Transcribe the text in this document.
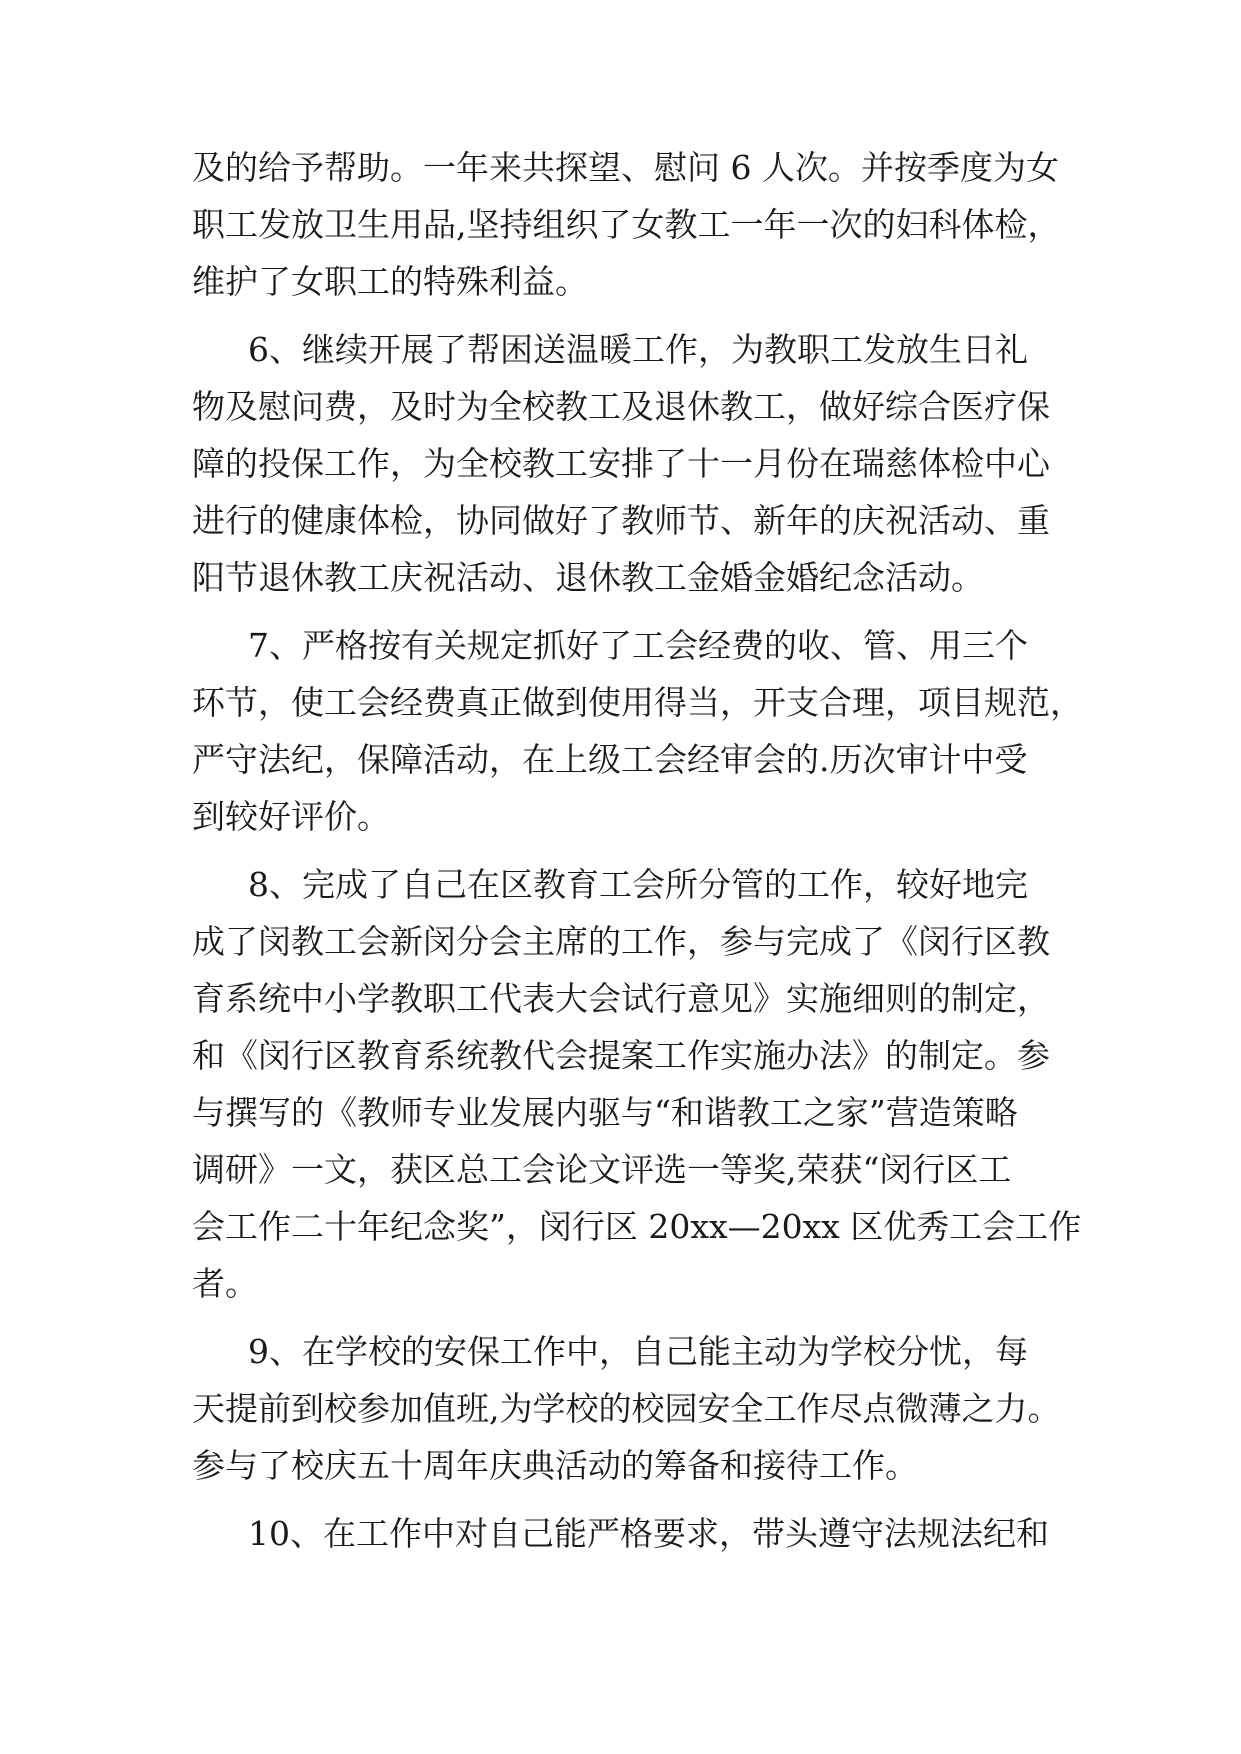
及的给予帮助。一年来共探望、慰问 6 人次。并按季度为女

职工发放卫生用品,坚持组织了女教工一年一次的妇科体检，

维护了女职工的特殊利益。

6、继续开展了帮困送温暖工作，为教职工发放生日礼

物及慰问费，及时为全校教工及退休教工，做好综合医疗保

障的投保工作，为全校教工安排了十一月份在瑞慈体检中心

进行的健康体检，协同做好了教师节、新年的庆祝活动、重

阳节退休教工庆祝活动、退休教工金婚金婚纪念活动。

7、严格按有关规定抓好了工会经费的收、管、用三个

环节，使工会经费真正做到使用得当，开支合理，项目规范，

严守法纪，保障活动，在上级工会经审会的.历次审计中受

到较好评价。

8、完成了自己在区教育工会所分管的工作，较好地完

成了闵教工会新闵分会主席的工作，参与完成了《闵行区教

育系统中小学教职工代表大会试行意见》实施细则的制定，

和《闵行区教育系统教代会提案工作实施办法》的制定。参

与撰写的《教师专业发展内驱与“和谐教工之家”营造策略

调研》一文，获区总工会论文评选一等奖,荣获“闵行区工

会工作二十年纪念奖”，闵行区 20xx—20xx 区优秀工会工作

者。

9、在学校的安保工作中，自己能主动为学校分忧，每

天提前到校参加值班,为学校的校园安全工作尽点微薄之力。

参与了校庆五十周年庆典活动的筹备和接待工作。

10、在工作中对自己能严格要求，带头遵守法规法纪和
